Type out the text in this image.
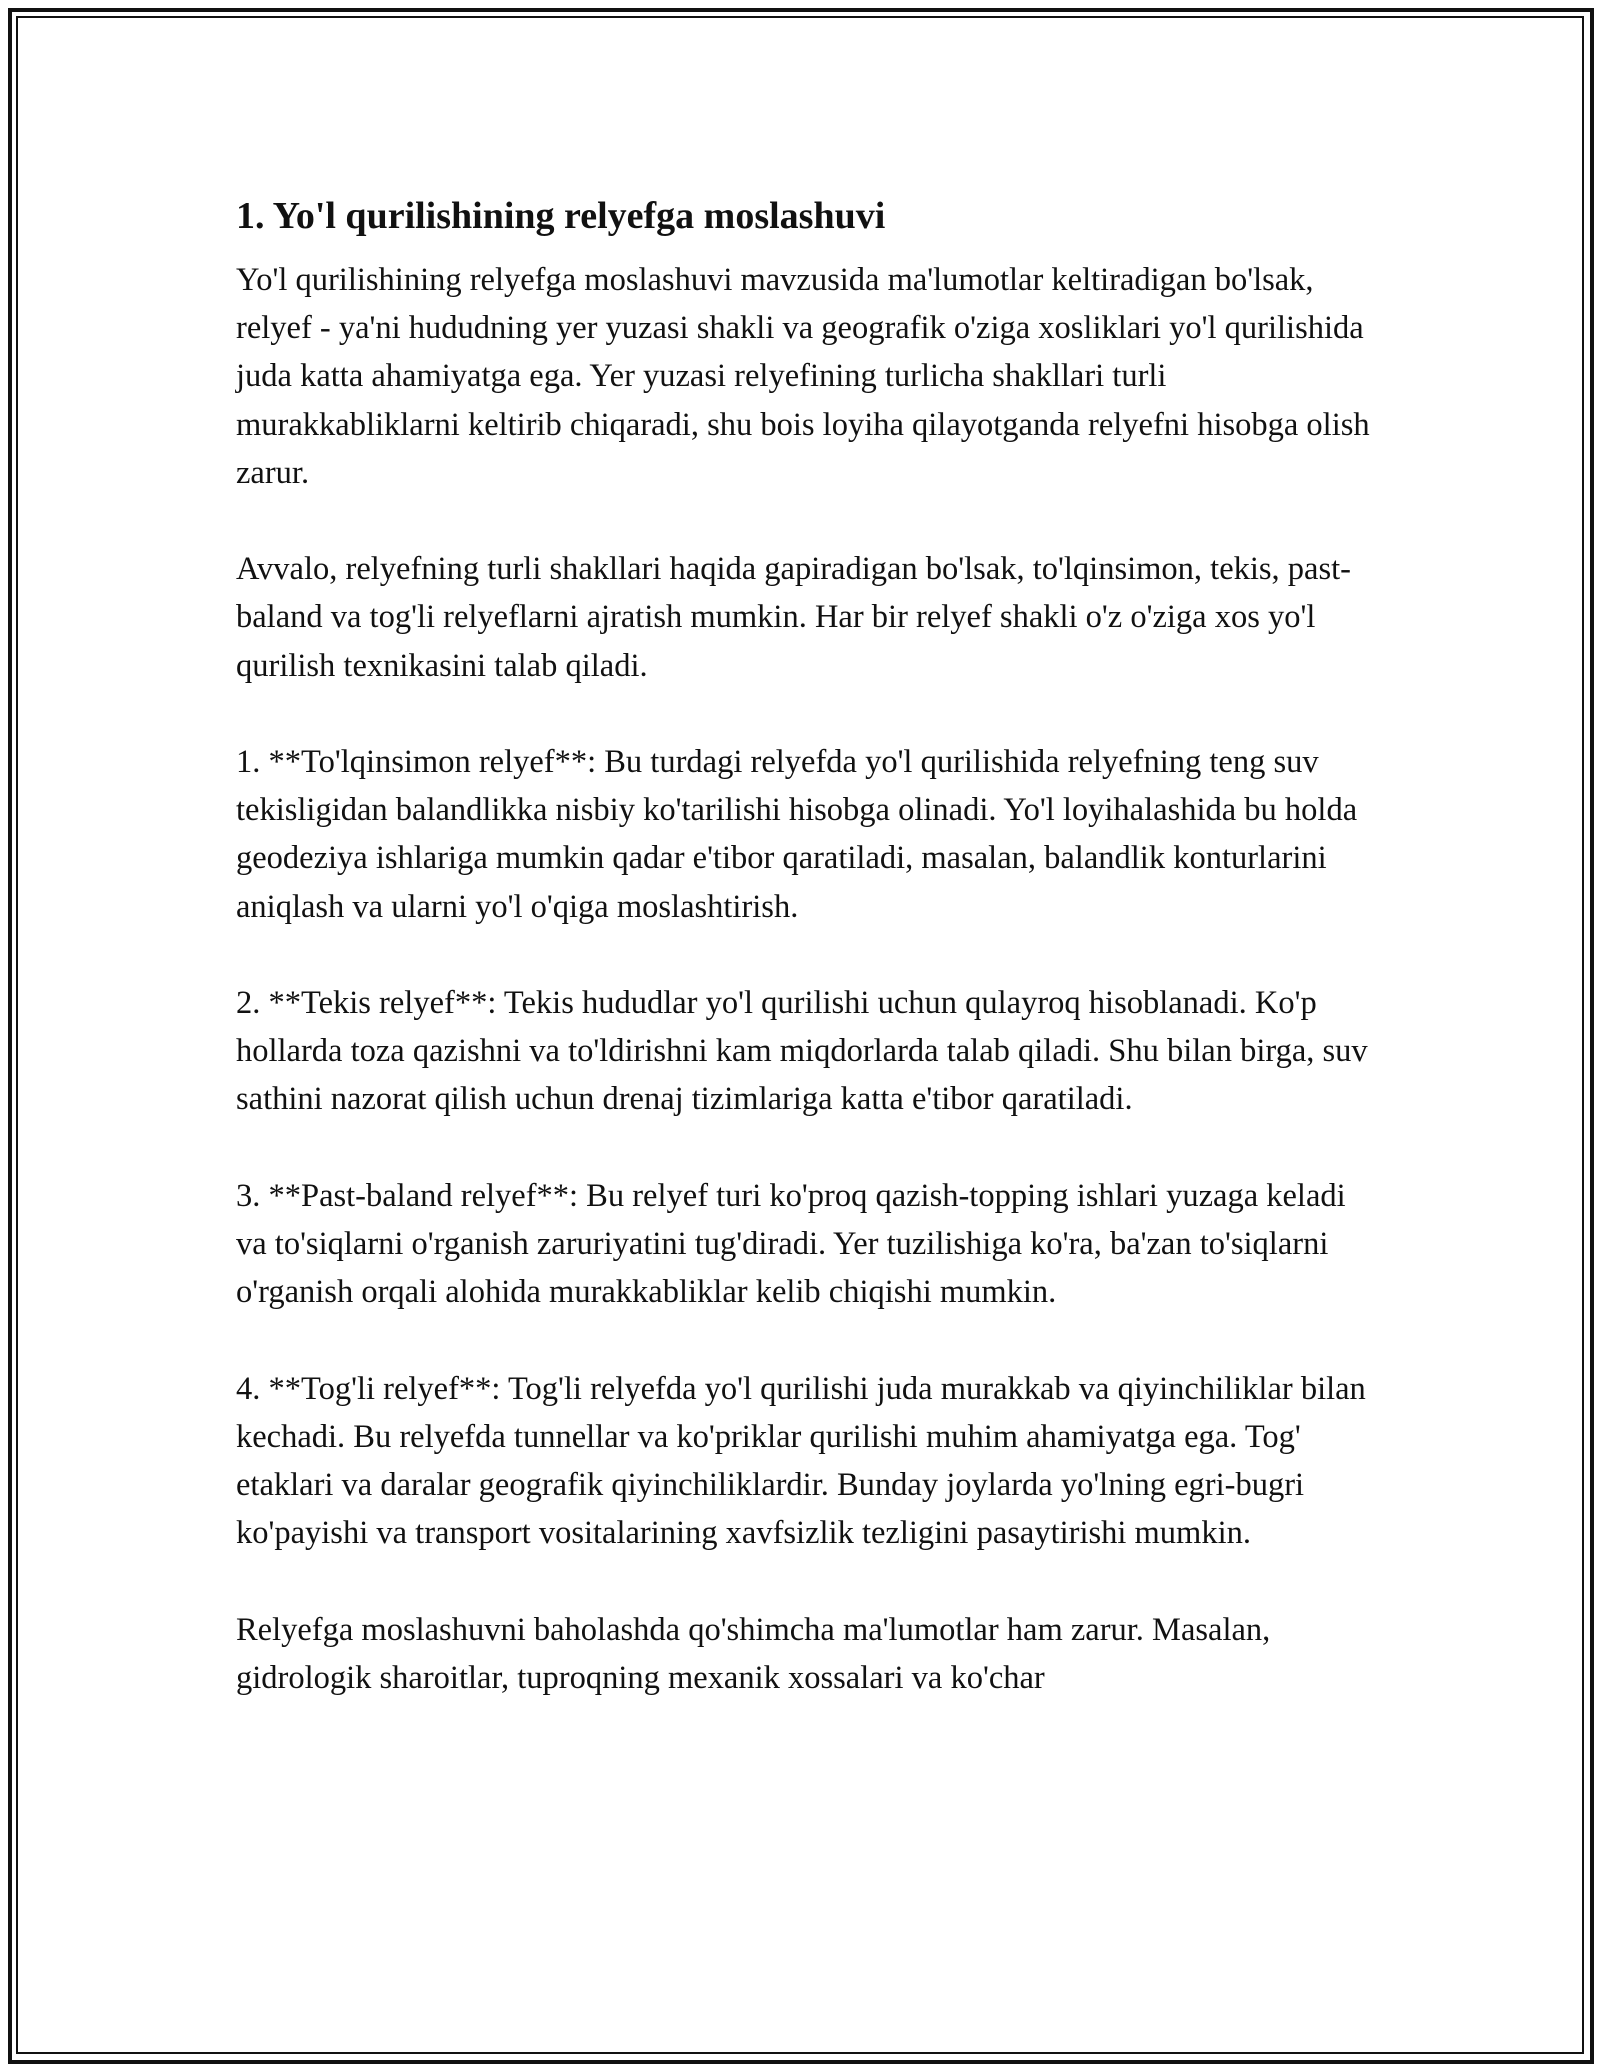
1. Yo'l qurilishining relyefga moslashuvi

Yo'l qurilishining relyefga moslashuvi mavzusida ma'lumotlar keltiradigan bo'lsak, relyef - ya'ni hududning yer yuzasi shakli va geografik o'ziga xosliklari yo'l qurilishida juda katta ahamiyatga ega. Yer yuzasi relyefining turlicha shakllari turli murakkabliklarni keltirib chiqaradi, shu bois loyiha qilayotganda relyefni hisobga olish zarur.

Avvalo, relyefning turli shakllari haqida gapiradigan bo'lsak, to'lqinsimon, tekis, past-baland va tog'li relyeflarni ajratish mumkin. Har bir relyef shakli o'z o'ziga xos yo'l qurilish texnikasini talab qiladi.

1. **To'lqinsimon relyef**: Bu turdagi relyefda yo'l qurilishida relyefning teng suv tekisligidan balandlikka nisbiy ko'tarilishi hisobga olinadi. Yo'l loyihalashida bu holda geodeziya ishlariga mumkin qadar e'tibor qaratiladi, masalan, balandlik konturlarini aniqlash va ularni yo'l o'qiga moslashtirish.

2. **Tekis relyef**: Tekis hududlar yo'l qurilishi uchun qulayroq hisoblanadi. Ko'p hollarda toza qazishni va to'ldirishni kam miqdorlarda talab qiladi. Shu bilan birga, suv sathini nazorat qilish uchun drenaj tizimlariga katta e'tibor qaratiladi.

3. **Past-baland relyef**: Bu relyef turi ko'proq qazish-topping ishlari yuzaga keladi va to'siqlarni o'rganish zaruriyatini tug'diradi. Yer tuzilishiga ko'ra, ba'zan to'siqlarni o'rganish orqali alohida murakkabliklar kelib chiqishi mumkin.

4. **Tog'li relyef**: Tog'li relyefda yo'l qurilishi juda murakkab va qiyinchiliklar bilan kechadi. Bu relyefda tunnellar va ko'priklar qurilishi muhim ahamiyatga ega. Tog' etaklari va daralar geografik qiyinchiliklardir. Bunday joylarda yo'lning egri-bugri ko'payishi va transport vositalarining xavfsizlik tezligini pasaytirishi mumkin.

Relyefga moslashuvni baholashda qo'shimcha ma'lumotlar ham zarur. Masalan, gidrologik sharoitlar, tuproqning mexanik xossalari va ko'char
